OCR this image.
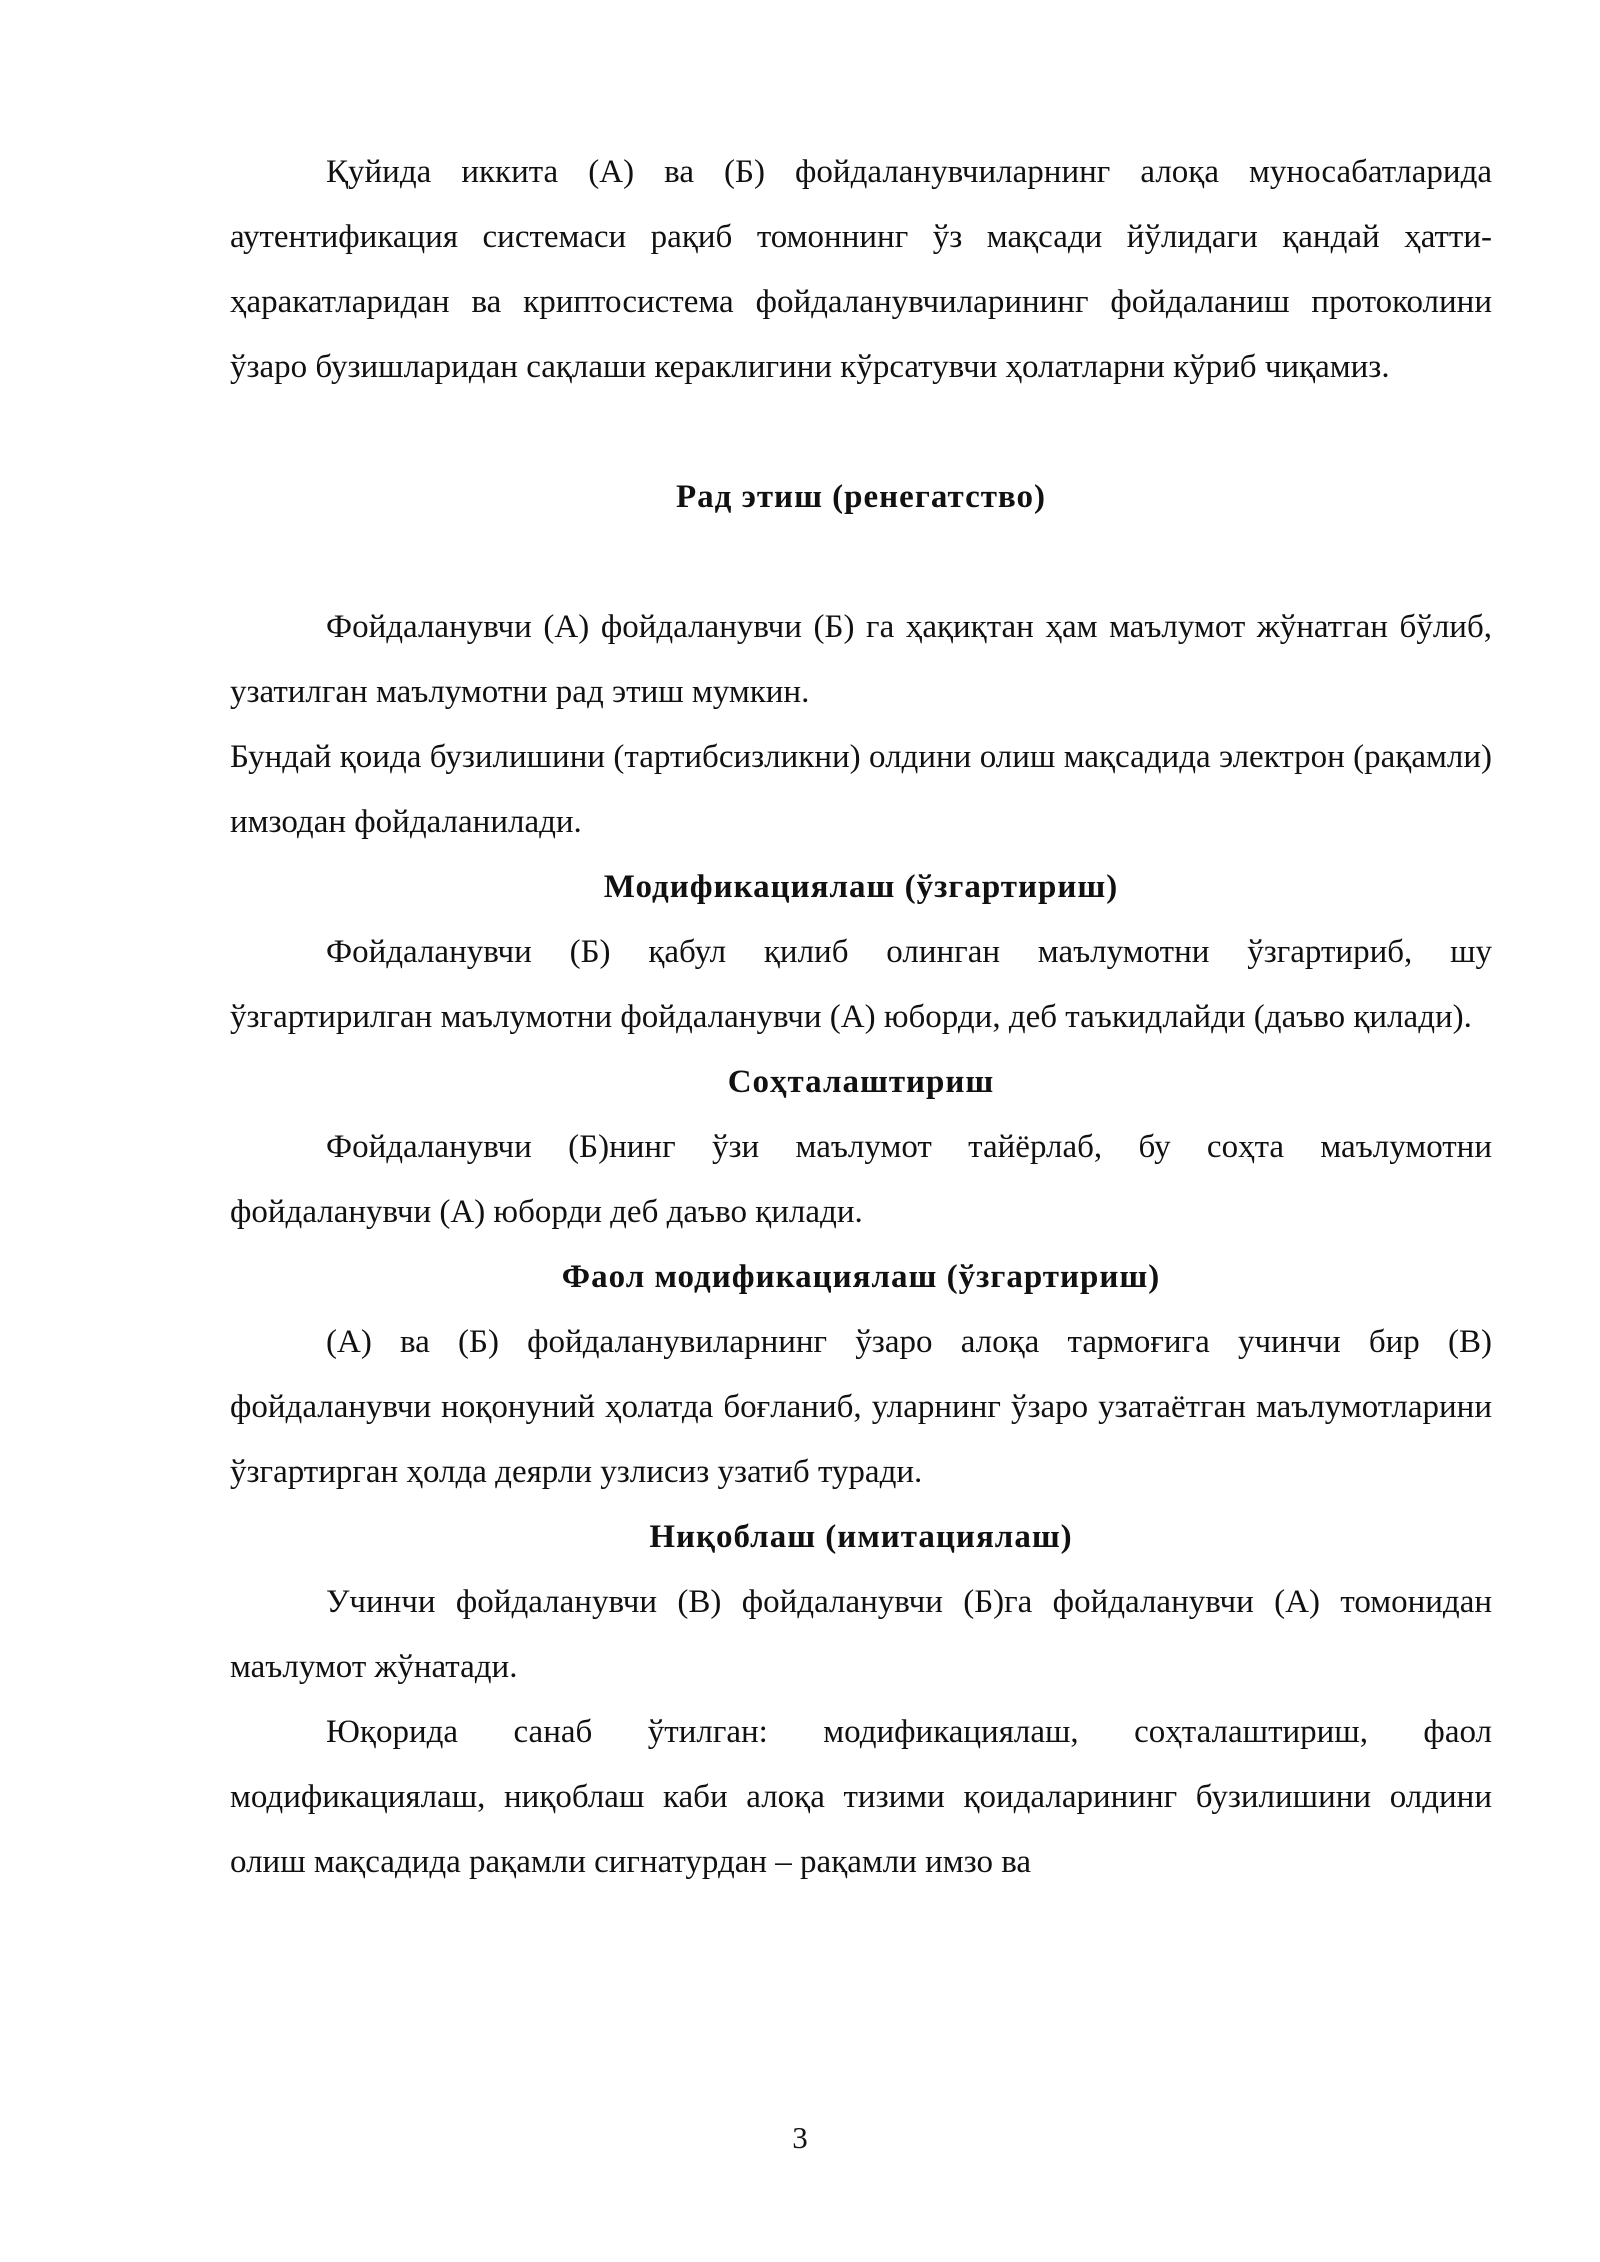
Қуйида иккита (А) ва (Б) фойдаланувчиларнинг алоқа муносабатларида аутентификация системаси рақиб томоннинг ўз мақсади йўлидаги қандай ҳатти-ҳаракатларидан ва криптосистема фойдаланувчиларининг фойдаланиш протоколини ўзаро бузишларидан сақлаши кераклигини кўрсатувчи ҳолатларни кўриб чиқамиз.

Рад этиш (ренегатство)

Фойдаланувчи (А) фойдаланувчи (Б) га ҳақиқтан ҳам маълумот жўнатган бўлиб, узатилган маълумотни рад этиш мумкин.

Бундай қоида бузилишини (тартибсизликни) олдини олиш мақсадида электрон (рақамли) имзодан фойдаланилади.

Модификациялаш (ўзгартириш)

Фойдаланувчи (Б) қабул қилиб олинган маълумотни ўзгартириб, шу ўзгартирилган маълумотни фойдаланувчи (А) юборди, деб таъкидлайди (даъво қилади).

Соҳталаштириш

Фойдаланувчи (Б)нинг ўзи маълумот тайёрлаб, бу соҳта маълумотни фойдаланувчи (А) юборди деб даъво қилади.

Фаол модификациялаш (ўзгартириш)

(А) ва (Б) фойдаланувиларнинг ўзаро алоқа тармоғига учинчи бир (В) фойдаланувчи ноқонуний ҳолатда боғланиб, уларнинг ўзаро узатаётган маълумотларини ўзгартирган ҳолда деярли узлисиз узатиб туради.

Ниқоблаш (имитациялаш)

Учинчи фойдаланувчи (В) фойдаланувчи (Б)га фойдаланувчи (А) томонидан маълумот жўнатади.

Юқорида санаб ўтилган: модификациялаш, соҳталаштириш, фаол модификациялаш, ниқоблаш каби алоқа тизими қоидаларининг бузилишини олдини олиш мақсадида рақамли сигнатурдан – рақамли имзо ва

3
